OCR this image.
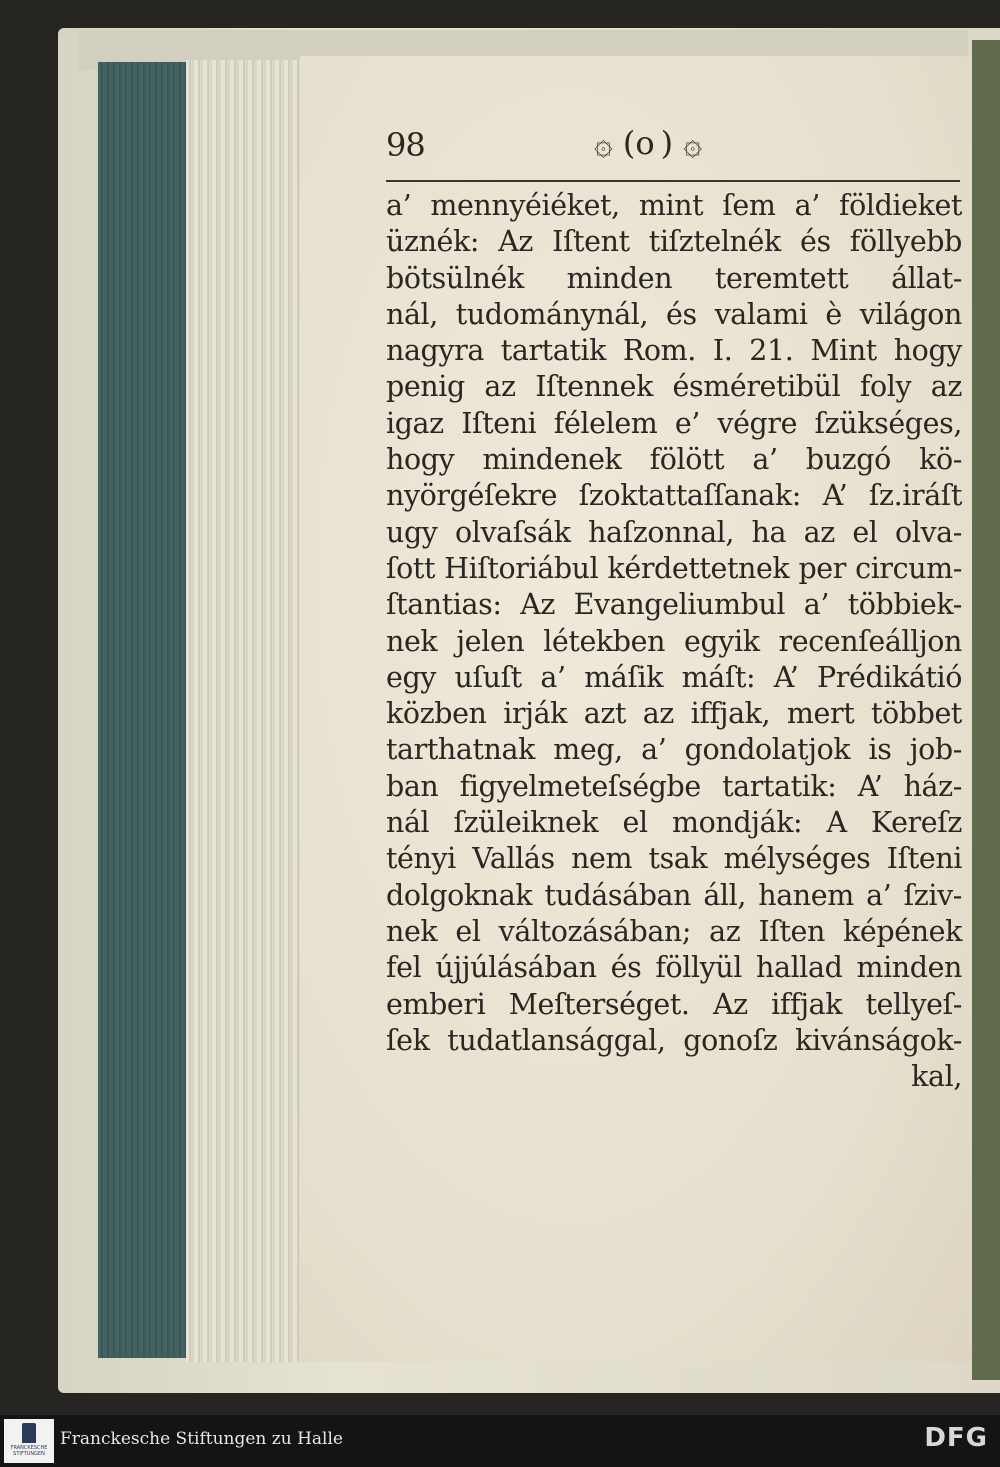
98	۞ (o) ۞
a’ mennyéiéket, mint ſem a’ földieket
üznék: Az Iſtent tiſztelnék és föllyebb
bötsülnék minden teremtett állat-
nál, tudománynál, és valami è világon
nagyra tartatik Rom. I. 21. Mint hogy
penig az Iſtennek ésméretibül foly az
igaz Iſteni félelem e’ végre ſzükséges,
hogy mindenek fölött a’ buzgó kö-
nyörgéſekre ſzoktattaſſanak: A’ ſz.iráſt
ugy olvaſsák haſzonnal, ha az el olva-
ſott Hiſtoriábul kérdettetnek per circum-
ſtantias: Az Evangeliumbul a’ többiek-
nek jelen létekben egyik recenſeálljon
egy uſuſt a’ máſik máſt: A’ Prédikátió
közben irják azt az iffjak, mert többet
tarthatnak meg, a’ gondolatjok is job-
ban figyelmeteſségbe tartatik: A’ ház-
nál ſzüleiknek el mondják: A Kereſz
tényi Vallás nem tsak mélységes Iſteni
dolgoknak tudásában áll, hanem a’ ſziv-
nek el változásában; az Iſten képének
fel újjúlásában és föllyül hallad minden
emberi Meſterséget. Az iffjak tellyeſ-
ſek tudatlansággal, gonoſz kivánságok-
kal,
FRANCKESCHE STIFTUNGEN
Franckesche Stiftungen zu Halle	DFG
